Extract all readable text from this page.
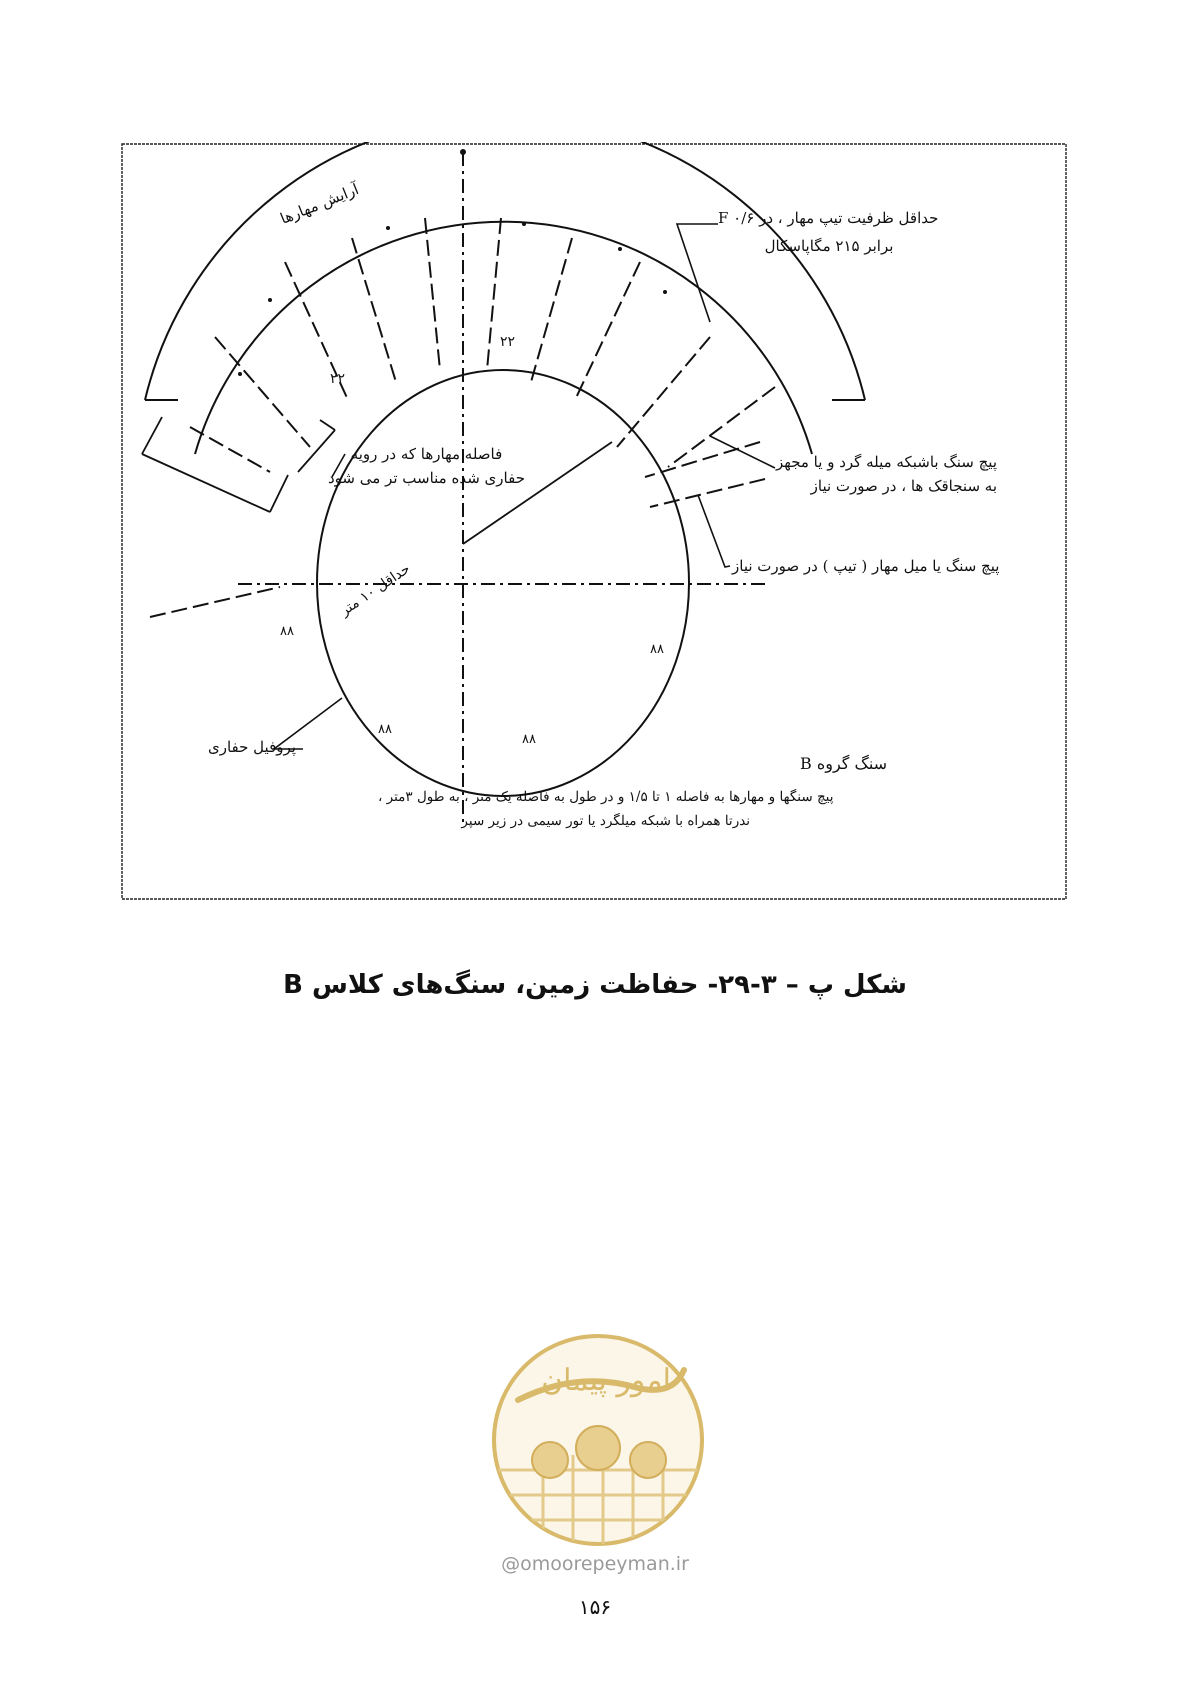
آرایش مهارها	حداقل ظرفیت تیپ مهار ، در F ۰/۶
برابر ۲۱۵ مگاپاسکال
فاصله مهارها که در رویه
حفاری شده مناسب تر می شود
پیچ سنگ باشبکه میله گرد و یا مجهز
به سنجاقک ها ، در صورت نیاز
پیچ سنگ یا میل مهار ( تیپ ) در صورت نیاز
حداقل ۱۰ متر
پروفیل حفاری
سنگ گروه B
پیچ سنگها و مهارها به فاصله ۱ تا ۱/۵ و در طول به فاصله یک متر ، به طول ۳متر ،
ندرتا همراه با شبکه میلگرد یا تور سیمی در زیر سپر
۲۲
۲۲
۸۸
۸۸
۸۸
۸۸
شکل پ – ۳-۲۹- حفاظت زمین، سنگ‌های کلاس B
امور پیمان
@omoorepeyman.ir
۱۵۶
